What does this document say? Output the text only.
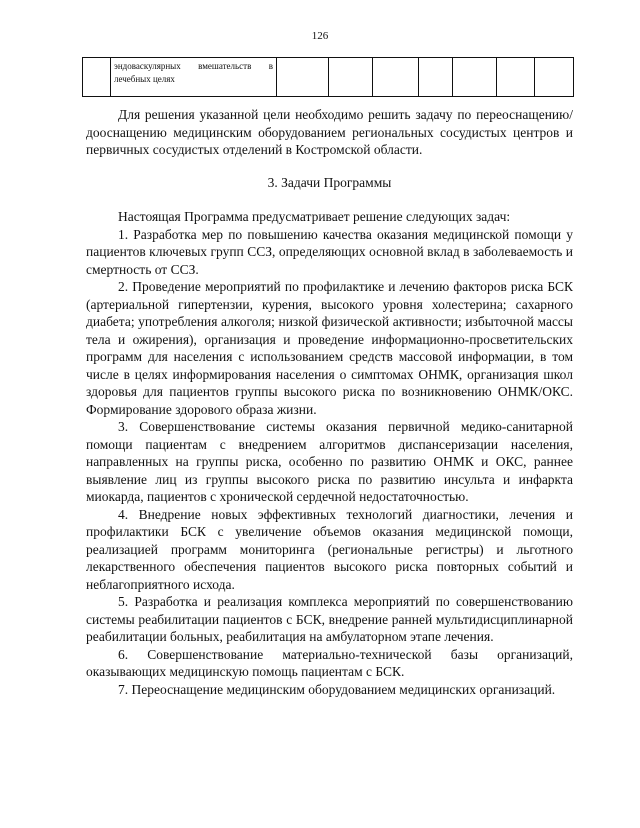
126

эндоваскулярных вмешательств в лечебных целях

Для решения указанной цели необходимо решить задачу по переоснащению/дооснащению медицинским оборудованием региональных сосудистых центров и первичных сосудистых отделений в Костромской области.

3. Задачи Программы

Настоящая Программа предусматривает решение следующих задач:

1. Разработка мер по повышению качества оказания медицинской помощи у пациентов ключевых групп ССЗ, определяющих основной вклад в заболеваемость и смертность от ССЗ.

2. Проведение мероприятий по профилактике и лечению факторов риска БСК (артериальной гипертензии, курения, высокого уровня холестерина; сахарного диабета; употребления алкоголя; низкой физической активности; избыточной массы тела и ожирения), организация и проведение информационно-просветительских программ для населения с использованием средств массовой информации, в том числе в целях информирования населения о симптомах ОНМК, организация школ здоровья для пациентов группы высокого риска по возникновению ОНМК/ОКС. Формирование здорового образа жизни.

3. Совершенствование системы оказания первичной медико-санитарной помощи пациентам с внедрением алгоритмов диспансеризации населения, направленных на группы риска, особенно по развитию ОНМК и ОКС, раннее выявление лиц из группы высокого риска по развитию инсульта и инфаркта миокарда, пациентов с хронической сердечной недостаточностью.

4. Внедрение новых эффективных технологий диагностики, лечения и профилактики БСК с увеличение объемов оказания медицинской помощи, реализацией программ мониторинга (региональные регистры) и льготного лекарственного обеспечения пациентов высокого риска повторных событий и неблагоприятного исхода.

5. Разработка и реализация комплекса мероприятий по совершенствованию системы реабилитации пациентов с БСК, внедрение ранней мультидисциплинарной реабилитации больных, реабилитация на амбулаторном этапе лечения.

6. Совершенствование материально-технической базы организаций, оказывающих медицинскую помощь пациентам с БСК.

7. Переоснащение медицинским оборудованием медицинских организаций.
